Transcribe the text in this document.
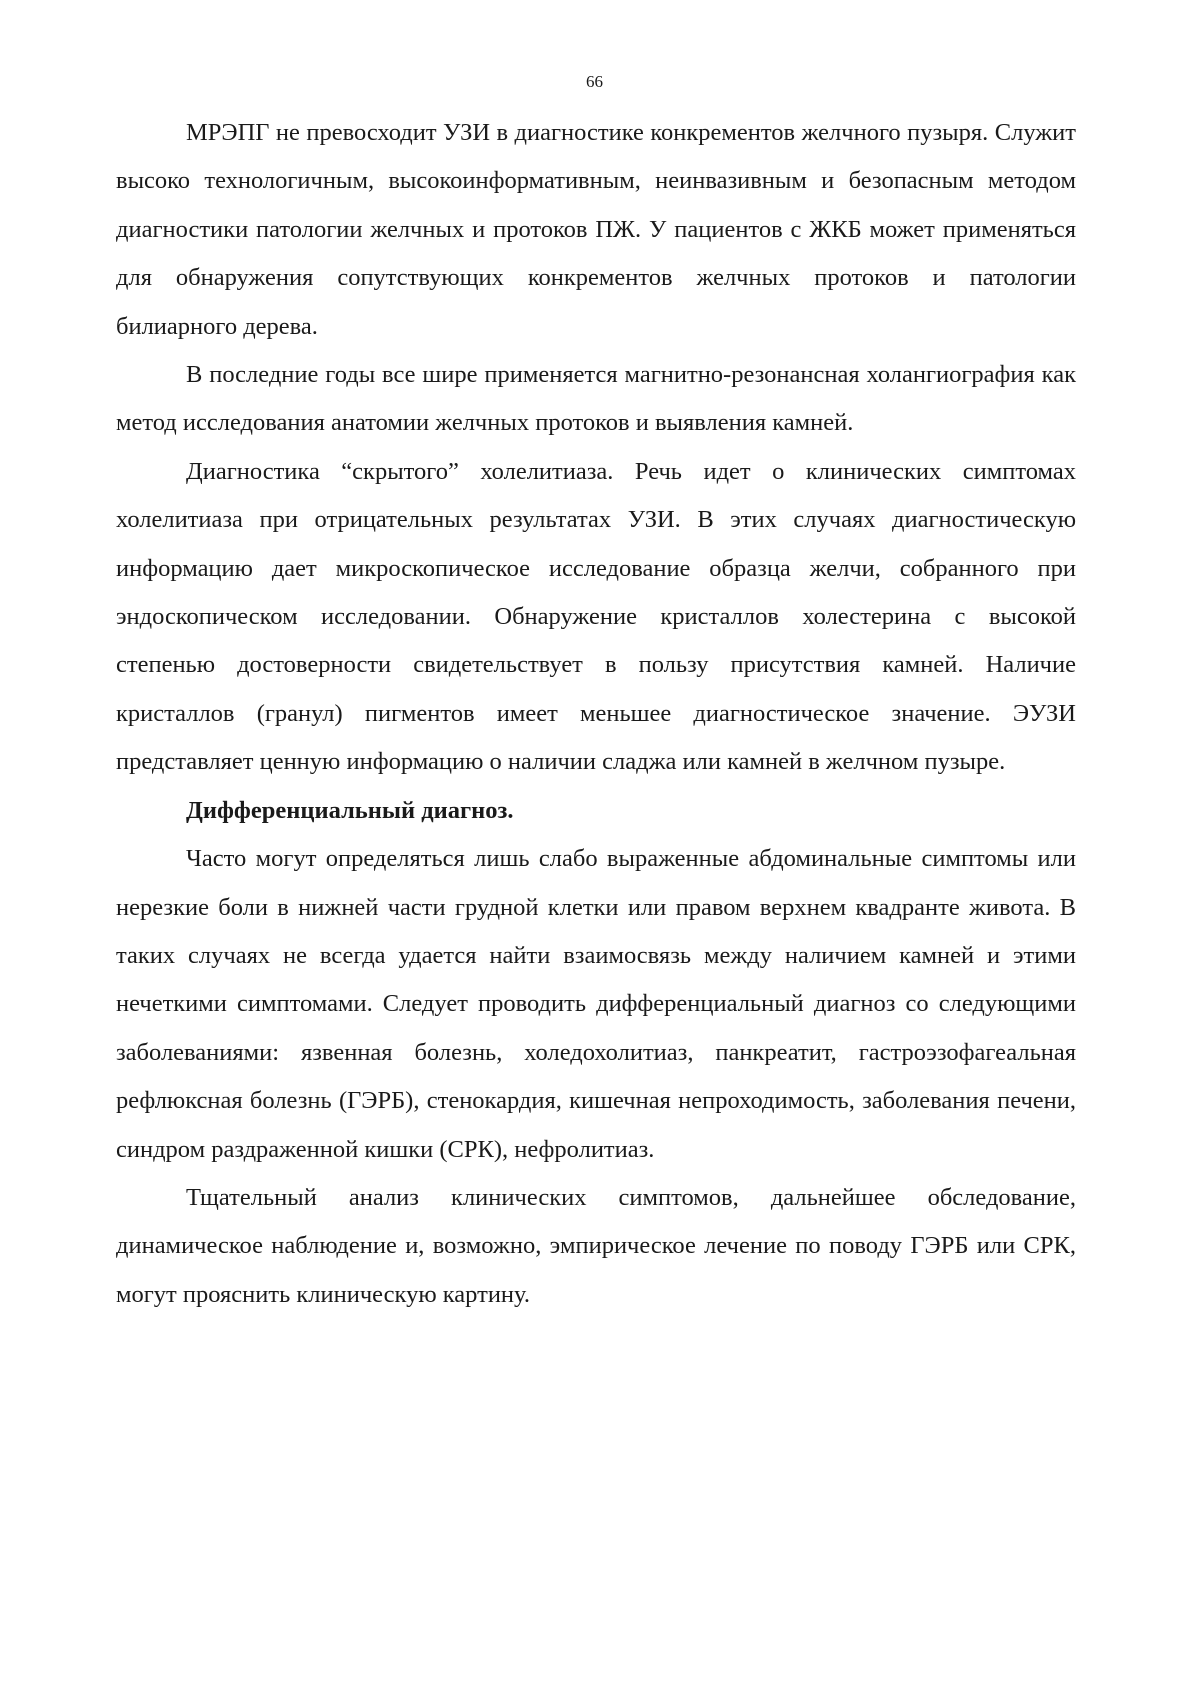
66

МРЭПГ не превосходит УЗИ в диагностике конкрементов желчного пузыря. Служит высоко технологичным, высокоинформативным, неинвазивным и безопасным методом диагностики патологии желчных и протоков ПЖ. У пациентов с ЖКБ может применяться для обнаружения сопутствующих конкрементов желчных протоков и патологии билиарного дерева.

В последние годы все шире применяется магнитно-резонансная холангиография как метод исследования анатомии желчных протоков и выявления камней.

Диагностика “скрытого” холелитиаза. Речь идет о клинических симптомах холелитиаза при отрицательных результатах УЗИ. В этих случаях диагностическую информацию дает микроскопическое исследование образца желчи, собранного при эндоскопическом исследовании. Обнаружение кристаллов холестерина с высокой степенью достоверности свидетельствует в пользу присутствия камней. Наличие кристаллов (гранул) пигментов имеет меньшее диагностическое значение. ЭУЗИ представляет ценную информацию о наличии сладжа или камней в желчном пузыре.

Дифференциальный диагноз.

Часто могут определяться лишь слабо выраженные абдоминальные симптомы или нерезкие боли в нижней части грудной клетки или правом верхнем квадранте живота. В таких случаях не всегда удается найти взаимосвязь между наличием камней и этими нечеткими симптомами. Следует проводить дифференциальный диагноз со следующими заболеваниями: язвенная болезнь, холедохолитиаз, панкреатит, гастроэзофагеальная рефлюксная болезнь (ГЭРБ), стенокардия, кишечная непроходимость, заболевания печени, синдром раздраженной кишки (СРК), нефролитиаз.

Тщательный анализ клинических симптомов, дальнейшее обследование, динамическое наблюдение и, возможно, эмпирическое лечение по поводу ГЭРБ или СРК, могут прояснить клиническую картину.
